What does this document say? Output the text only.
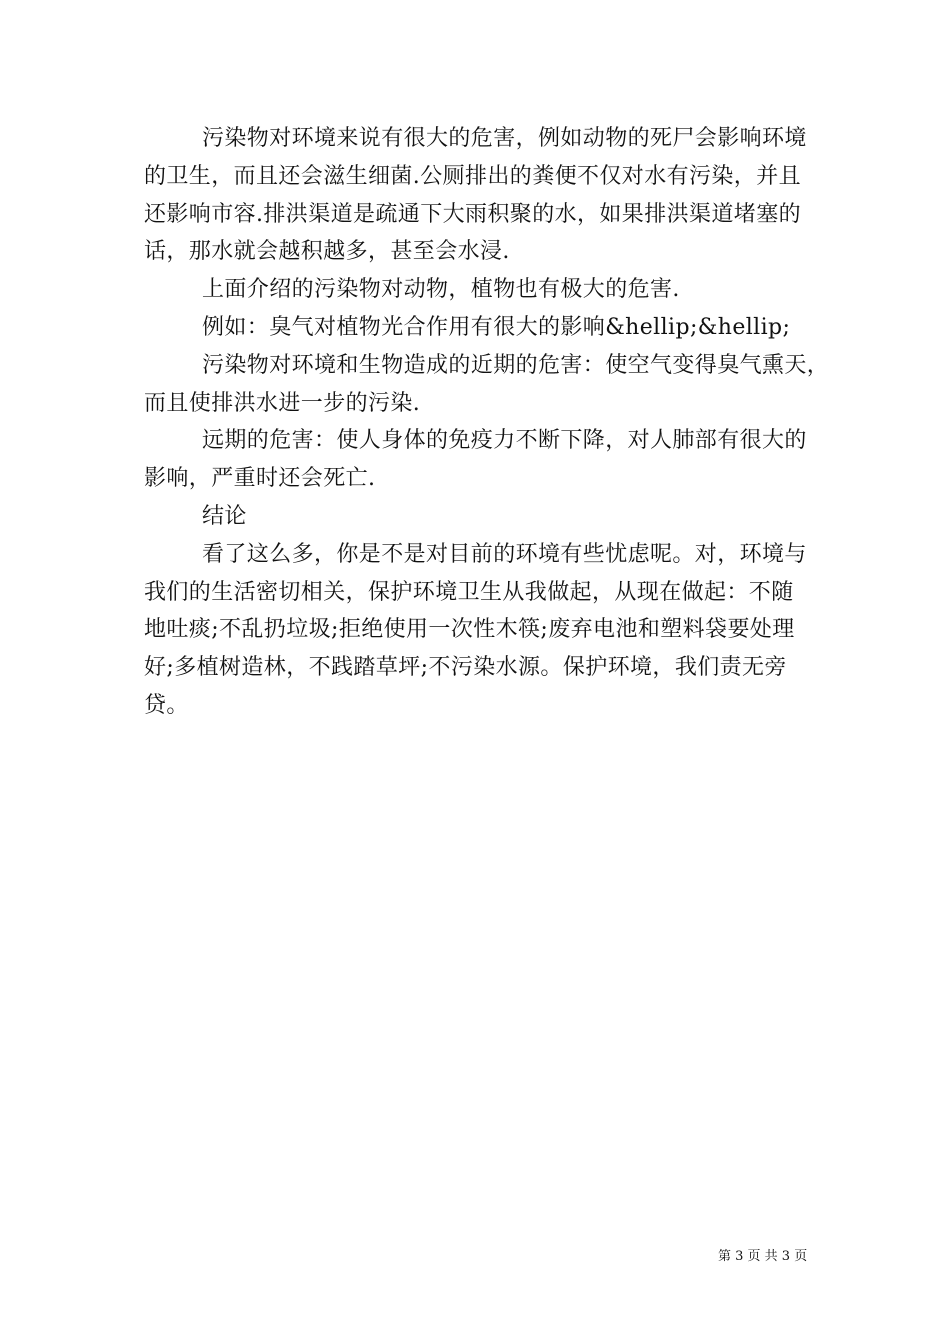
污染物对环境来说有很大的危害，例如动物的死尸会影响环境
的卫生，而且还会滋生细菌.公厕排出的粪便不仅对水有污染，并且
还影响市容.排洪渠道是疏通下大雨积聚的水，如果排洪渠道堵塞的
话，那水就会越积越多，甚至会水浸.
上面介绍的污染物对动物，植物也有极大的危害.
例如：臭气对植物光合作用有很大的影响&hellip;&hellip;
污染物对环境和生物造成的近期的危害：使空气变得臭气熏天，
而且使排洪水进一步的污染.
远期的危害：使人身体的免疫力不断下降，对人肺部有很大的
影响，严重时还会死亡.
结论
看了这么多，你是不是对目前的环境有些忧虑呢。对，环境与
我们的生活密切相关，保护环境卫生从我做起，从现在做起：不随
地吐痰;不乱扔垃圾;拒绝使用一次性木筷;废弃电池和塑料袋要处理
好;多植树造林，不践踏草坪;不污染水源。保护环境，我们责无旁
贷。
第 3 页 共 3 页
